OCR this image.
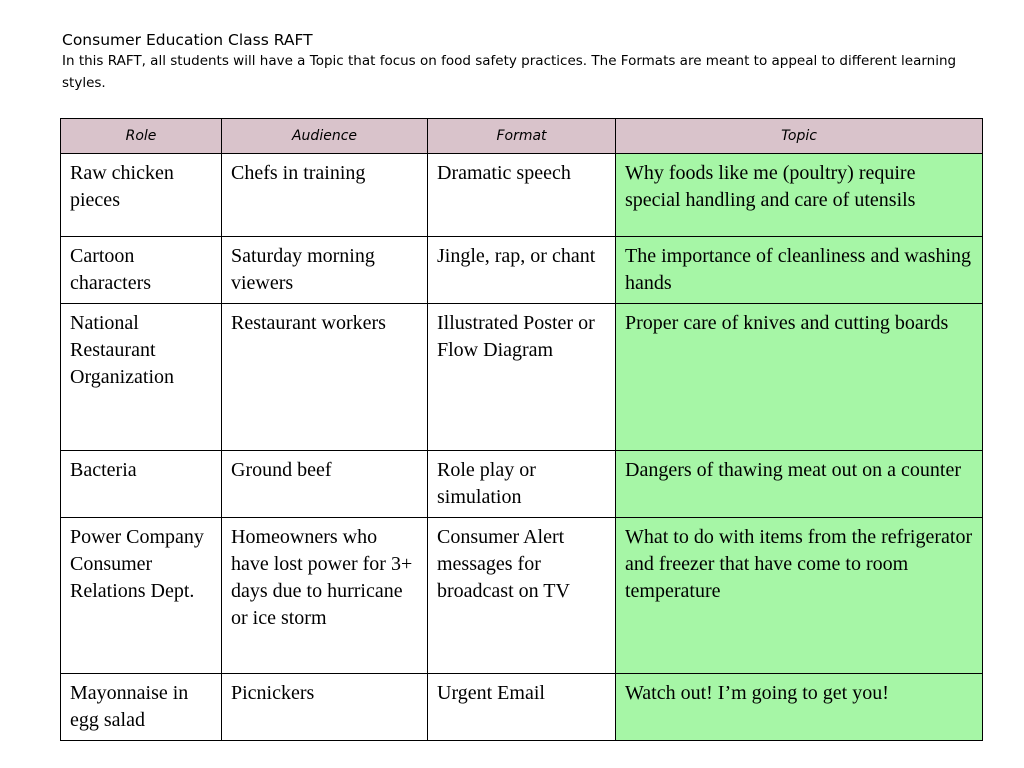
Consumer Education Class RAFT
In this RAFT, all students will have a Topic that focus on food safety practices. The Formats are meant to appeal to different learning styles.
Role	Audience	Format	Topic
Raw chicken pieces	Chefs in training	Dramatic speech	Why foods like me (poultry) require special handling and care of utensils
Cartoon characters	Saturday morning viewers	Jingle, rap, or chant	The importance of cleanliness and washing hands
National Restaurant Organization	Restaurant workers	Illustrated Poster or Flow Diagram	Proper care of knives and cutting boards
Bacteria	Ground beef	Role play or simulation	Dangers of thawing meat out on a counter
Power Company Consumer Relations Dept.	Homeowners who have lost power for 3+ days due to hurricane or ice storm	Consumer Alert messages for broadcast on TV	What to do with items from the refrigerator and freezer that have come to room temperature
Mayonnaise in egg salad	Picnickers	Urgent Email	Watch out! I’m going to get you!
